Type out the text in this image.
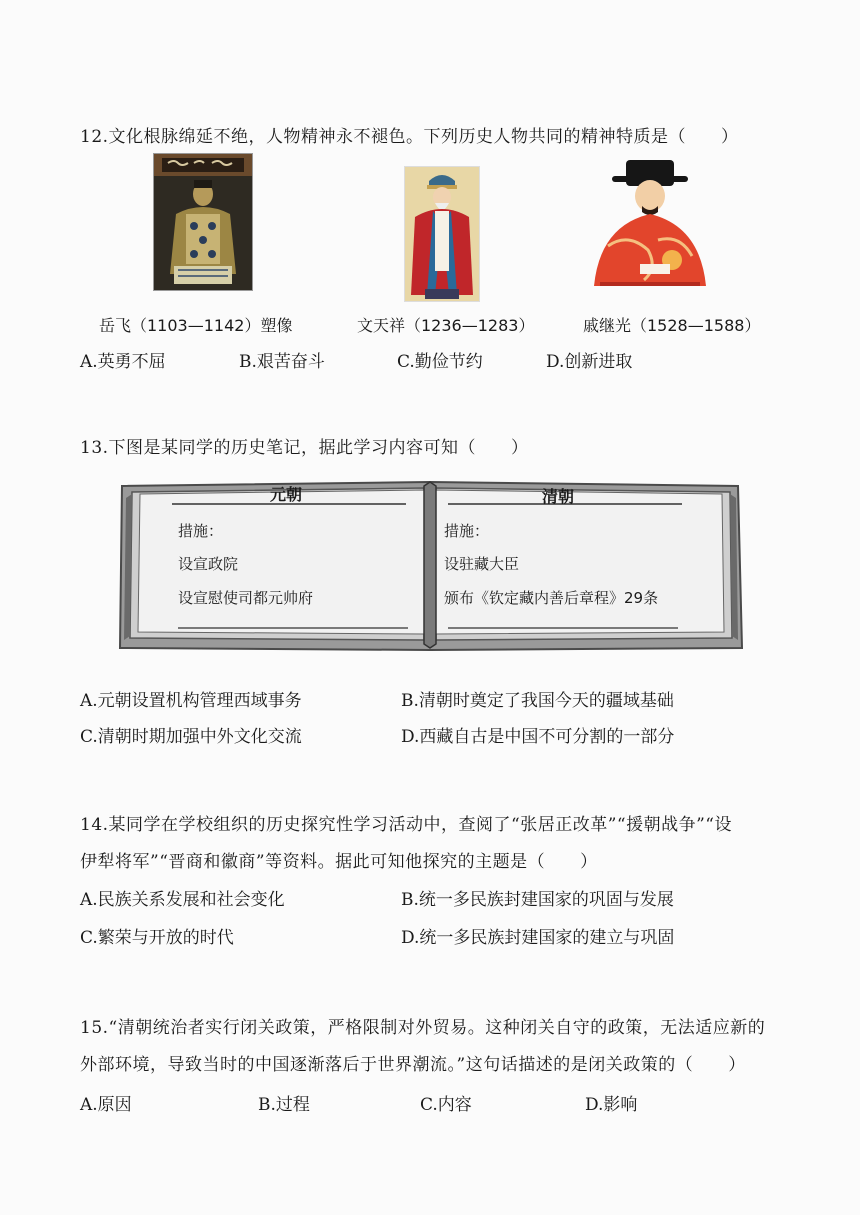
12.文化根脉绵延不绝，人物精神永不褪色。下列历史人物共同的精神特质是（　　）
岳飞（1103—1142）塑像	文天祥（1236—1283）	戚继光（1528—1588）
A.英勇不屈	B.艰苦奋斗	C.勤俭节约	D.创新进取
13.下图是某同学的历史笔记，据此学习内容可知（　　）
元朝	清朝
措施：
设宣政院
设宣慰使司都元帅府
措施：
设驻藏大臣
颁布《钦定藏内善后章程》29条
A.元朝设置机构管理西域事务	B.清朝时奠定了我国今天的疆域基础
C.清朝时期加强中外文化交流	D.西藏自古是中国不可分割的一部分
14.某同学在学校组织的历史探究性学习活动中，查阅了“张居正改革”“援朝战争”“设
伊犁将军”“晋商和徽商”等资料。据此可知他探究的主题是（　　）
A.民族关系发展和社会变化	B.统一多民族封建国家的巩固与发展
C.繁荣与开放的时代	D.统一多民族封建国家的建立与巩固
15.“清朝统治者实行闭关政策，严格限制对外贸易。这种闭关自守的政策，无法适应新的
外部环境，导致当时的中国逐渐落后于世界潮流。”这句话描述的是闭关政策的（　　）
A.原因	B.过程	C.内容	D.影响
